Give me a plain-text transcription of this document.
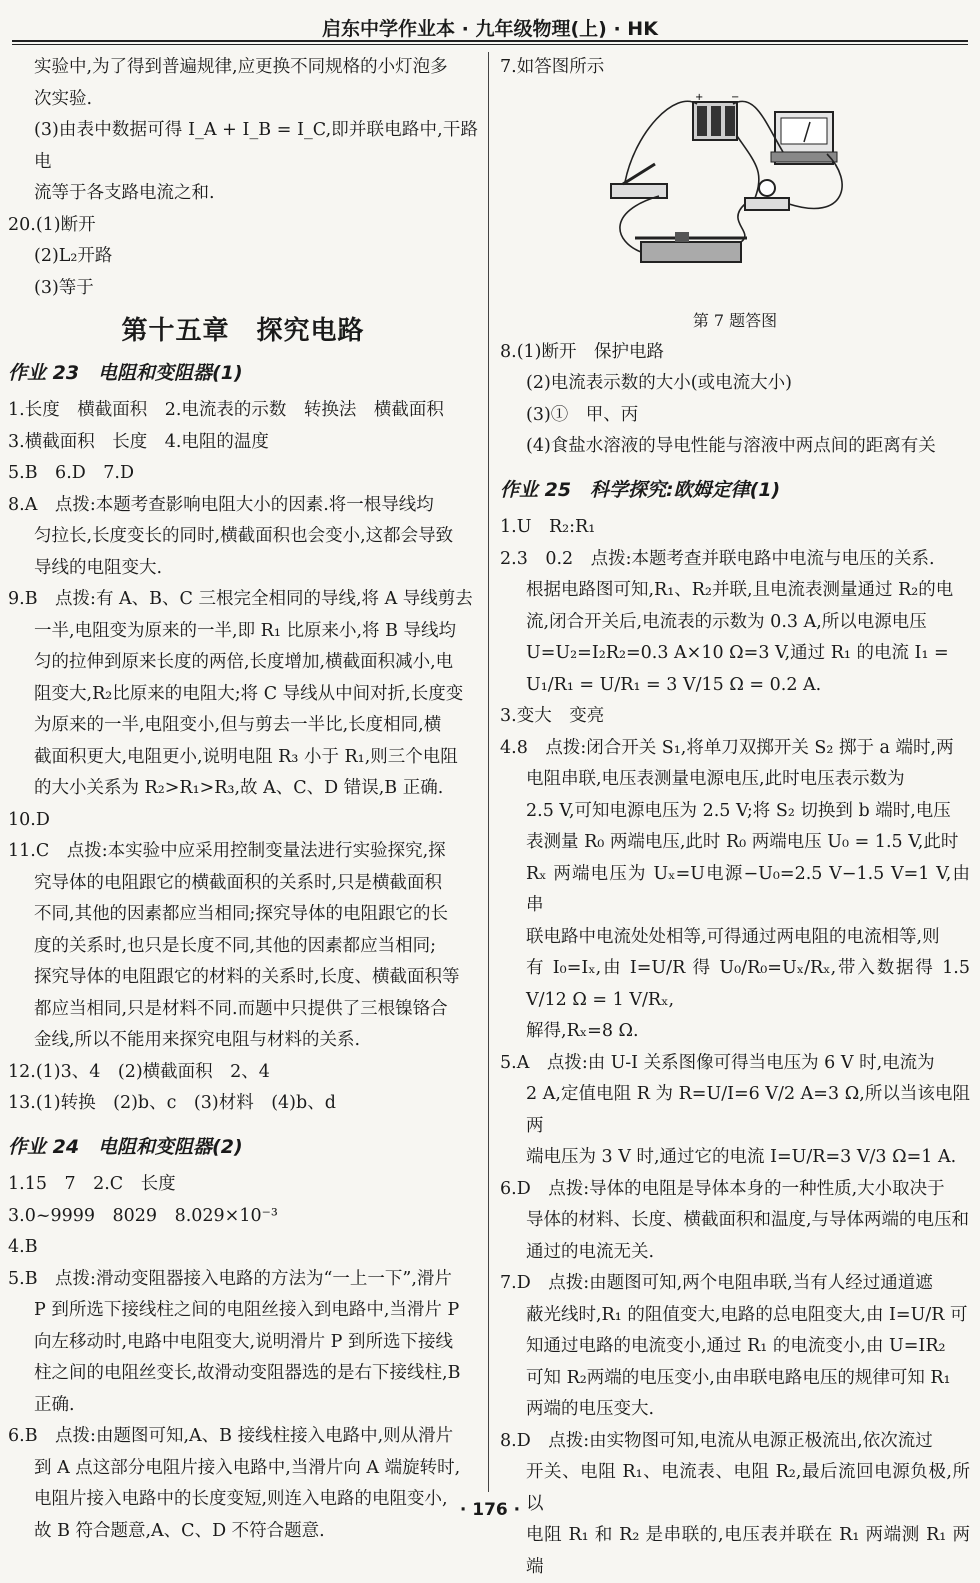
启东中学作业本 · 九年级物理(上) · HK

实验中,为了得到普遍规律,应更换不同规格的小灯泡多

次实验.

(3)由表中数据可得 I_A + I_B = I_C,即并联电路中,干路电

流等于各支路电流之和.

20.(1)断开

(2)L₂开路

(3)等于

第十五章　探究电路
作业 23　电阻和变阻器(1)

1.长度　横截面积　2.电流表的示数　转换法　横截面积

3.横截面积　长度　4.电阻的温度

5.B　6.D　7.D

8.A　点拨:本题考查影响电阻大小的因素.将一根导线均

匀拉长,长度变长的同时,横截面积也会变小,这都会导致

导线的电阻变大.

9.B　点拨:有 A、B、C 三根完全相同的导线,将 A 导线剪去

一半,电阻变为原来的一半,即 R₁ 比原来小,将 B 导线均

匀的拉伸到原来长度的两倍,长度增加,横截面积减小,电

阻变大,R₂比原来的电阻大;将 C 导线从中间对折,长度变

为原来的一半,电阻变小,但与剪去一半比,长度相同,横

截面积更大,电阻更小,说明电阻 R₃ 小于 R₁,则三个电阻

的大小关系为 R₂>R₁>R₃,故 A、C、D 错误,B 正确.

10.D

11.C　点拨:本实验中应采用控制变量法进行实验探究,探

究导体的电阻跟它的横截面积的关系时,只是横截面积

不同,其他的因素都应当相同;探究导体的电阻跟它的长

度的关系时,也只是长度不同,其他的因素都应当相同;

探究导体的电阻跟它的材料的关系时,长度、横截面积等

都应当相同,只是材料不同.而题中只提供了三根镍铬合

金线,所以不能用来探究电阻与材料的关系.

12.(1)3、4　(2)横截面积　2、4

13.(1)转换　(2)b、c　(3)材料　(4)b、d

作业 24　电阻和变阻器(2)

1.15　7　2.C　长度

3.0~9999　8029　8.029×10⁻³

4.B

5.B　点拨:滑动变阻器接入电路的方法为“一上一下”,滑片

P 到所选下接线柱之间的电阻丝接入到电路中,当滑片 P

向左移动时,电路中电阻变大,说明滑片 P 到所选下接线

柱之间的电阻丝变长,故滑动变阻器选的是右下接线柱,B

正确.

6.B　点拨:由题图可知,A、B 接线柱接入电路中,则从滑片

到 A 点这部分电阻片接入电路中,当滑片向 A 端旋转时,

电阻片接入电路中的长度变短,则连入电路的电阻变小,

故 B 符合题意,A、C、D 不符合题意.

7.如答图所示

+	−
第 7 题答图

8.(1)断开　保护电路

(2)电流表示数的大小(或电流大小)

(3)①　甲、丙

(4)食盐水溶液的导电性能与溶液中两点间的距离有关

作业 25　科学探究:欧姆定律(1)

1.U　R₂:R₁

2.3　0.2　点拨:本题考查并联电路中电流与电压的关系.

根据电路图可知,R₁、R₂并联,且电流表测量通过 R₂的电

流,闭合开关后,电流表的示数为 0.3 A,所以电源电压

U=U₂=I₂R₂=0.3 A×10 Ω=3 V,通过 R₁ 的电流 I₁ =

U₁/R₁ = U/R₁ = 3 V/15 Ω = 0.2 A.

3.变大　变亮

4.8　点拨:闭合开关 S₁,将单刀双掷开关 S₂ 掷于 a 端时,两

电阻串联,电压表测量电源电压,此时电压表示数为

2.5 V,可知电源电压为 2.5 V;将 S₂ 切换到 b 端时,电压

表测量 R₀ 两端电压,此时 R₀ 两端电压 U₀ = 1.5 V,此时

Rₓ 两端电压为 Uₓ=U电源−U₀=2.5 V−1.5 V=1 V,由串

联电路中电流处处相等,可得通过两电阻的电流相等,则

有 I₀=Iₓ,由 I=U/R 得 U₀/R₀=Uₓ/Rₓ,带入数据得 1.5 V/12 Ω = 1 V/Rₓ,

解得,Rₓ=8 Ω.

5.A　点拨:由 U-I 关系图像可得当电压为 6 V 时,电流为

2 A,定值电阻 R 为 R=U/I=6 V/2 A=3 Ω,所以当该电阻两

端电压为 3 V 时,通过它的电流 I=U/R=3 V/3 Ω=1 A.

6.D　点拨:导体的电阻是导体本身的一种性质,大小取决于

导体的材料、长度、横截面积和温度,与导体两端的电压和

通过的电流无关.

7.D　点拨:由题图可知,两个电阻串联,当有人经过通道遮

蔽光线时,R₁ 的阻值变大,电路的总电阻变大,由 I=U/R 可

知通过电路的电流变小,通过 R₁ 的电流变小,由 U=IR₂

可知 R₂两端的电压变小,由串联电路电压的规律可知 R₁

两端的电压变大.

8.D　点拨:由实物图可知,电流从电源正极流出,依次流过

开关、电阻 R₁、电流表、电阻 R₂,最后流回电源负极,所以

电阻 R₁ 和 R₂ 是串联的,电压表并联在 R₁ 两端测 R₁ 两端

· 176 ·
